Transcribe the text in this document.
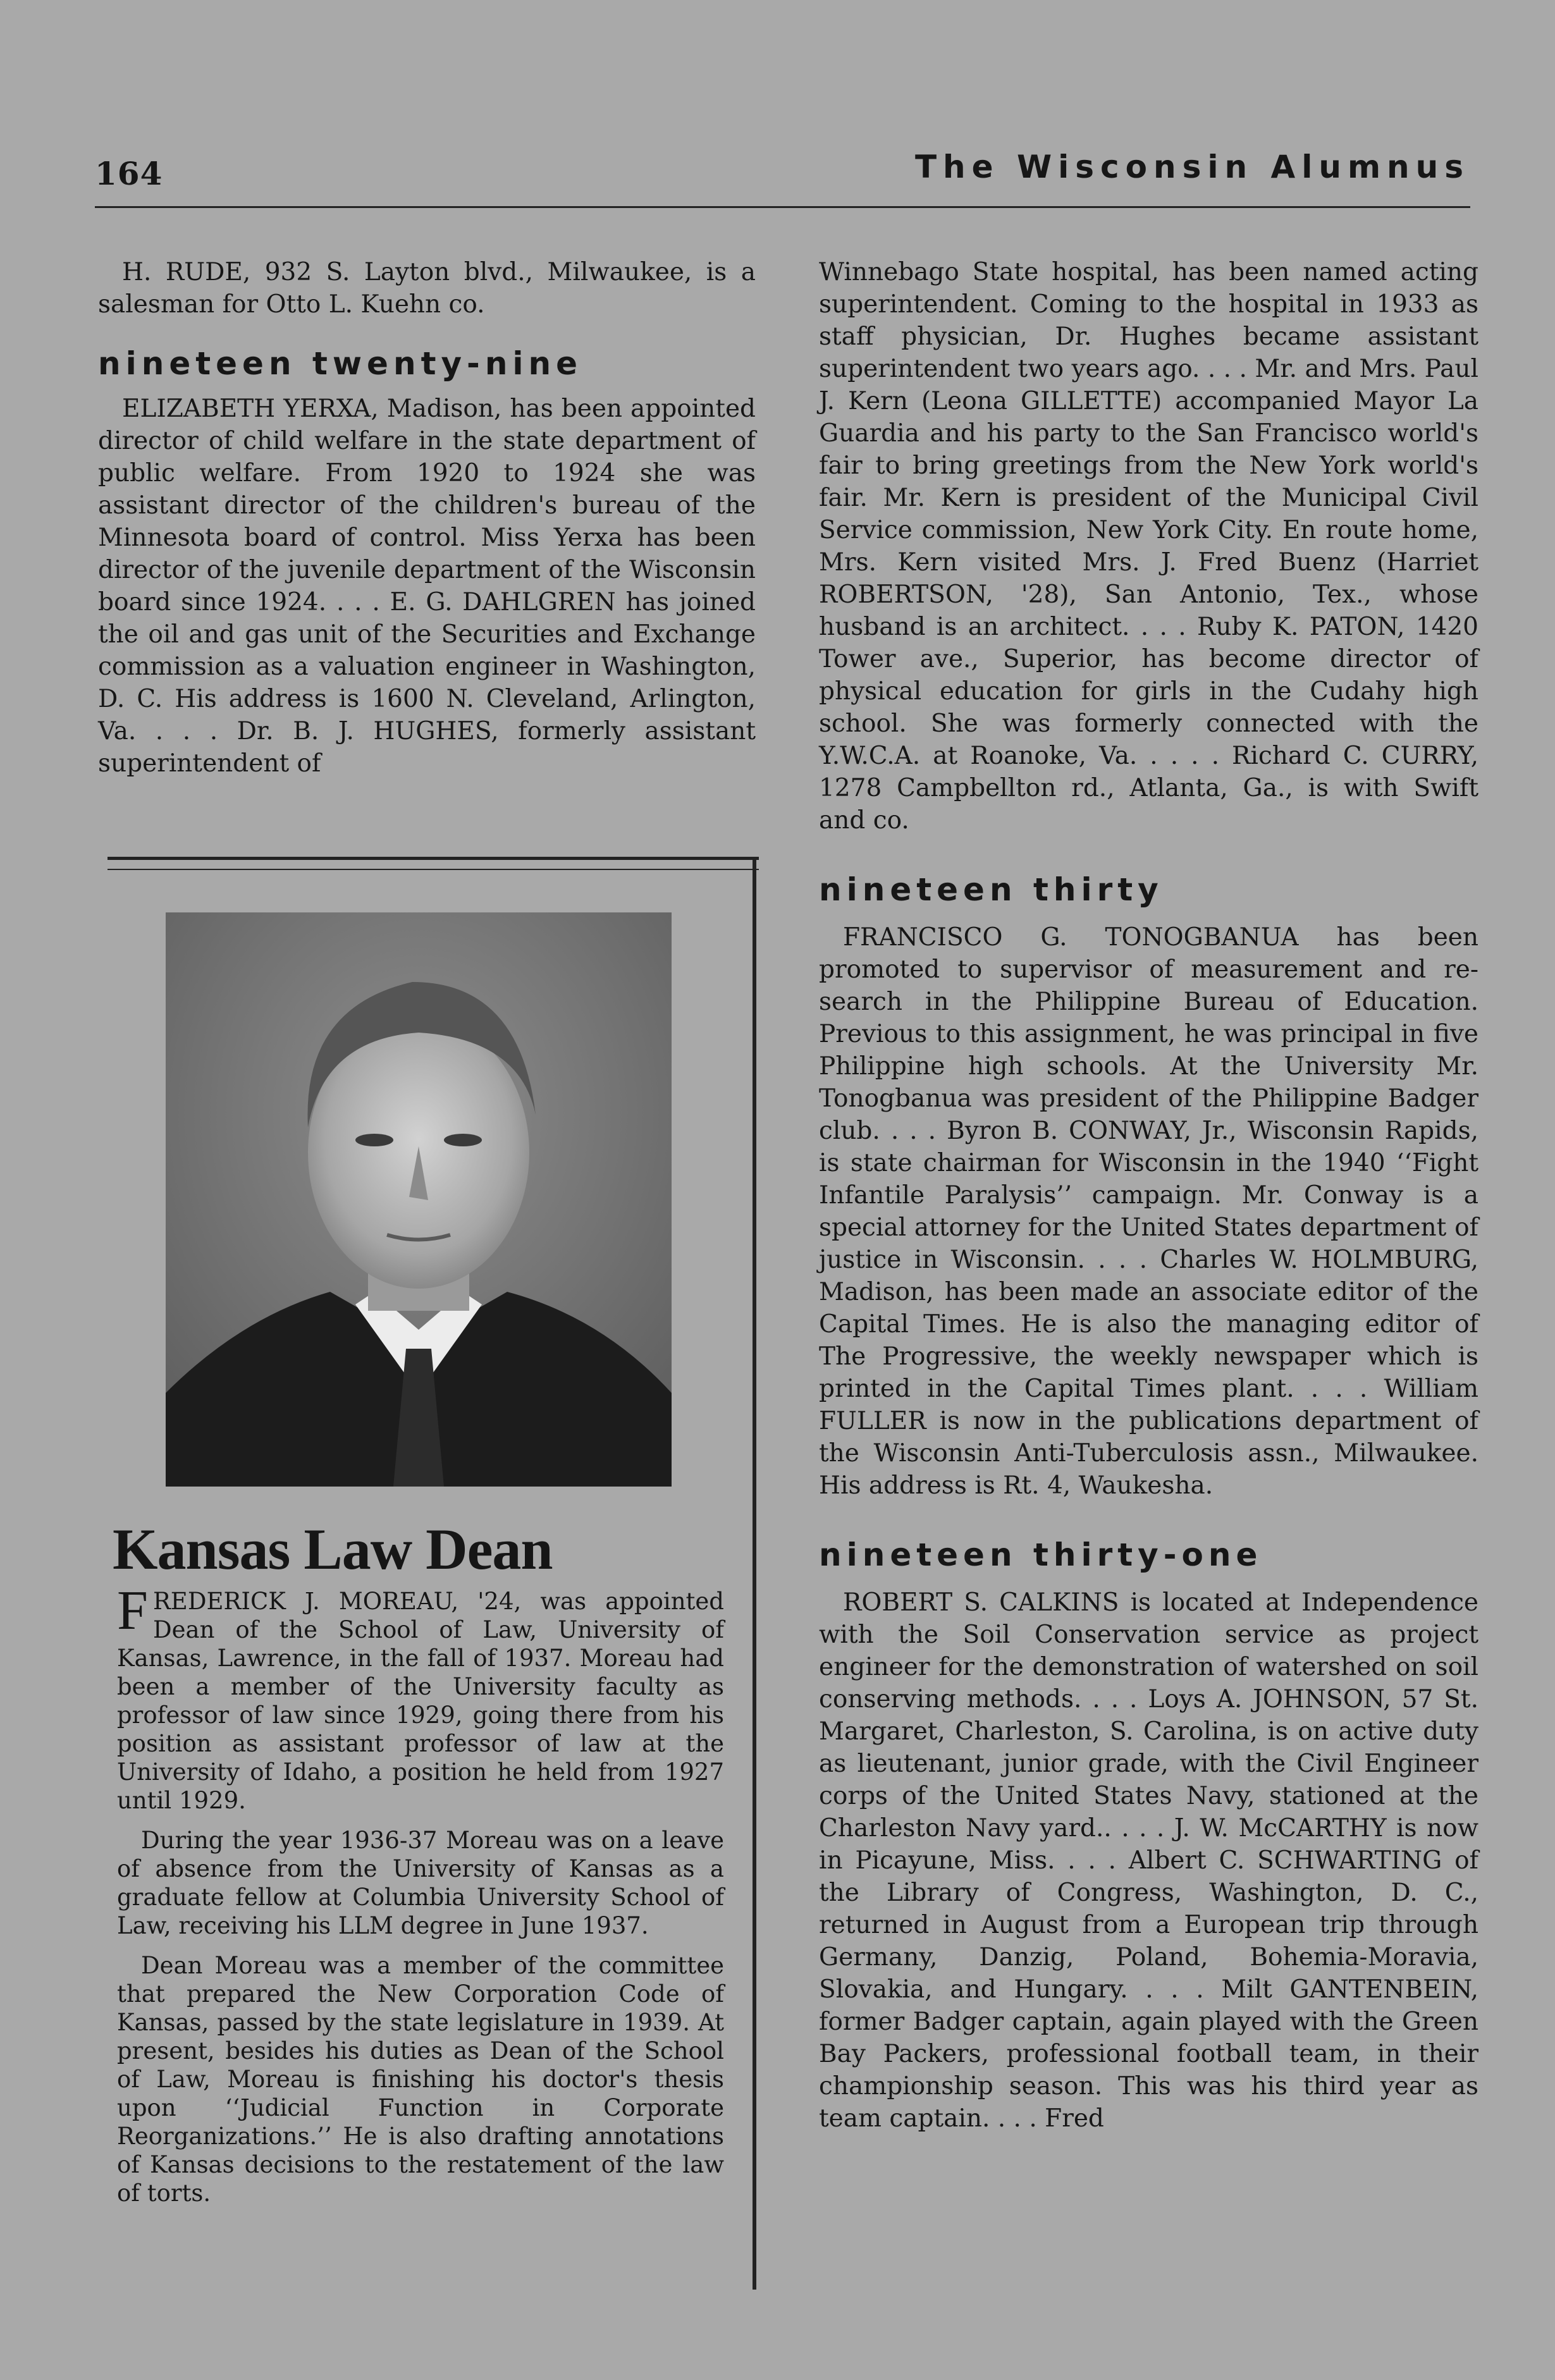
164	The Wisconsin Alumnus

H. RUDE, 932 S. Layton blvd., Milwaukee, is a salesman for Otto L. Kuehn co.

nineteen twenty-nine

ELIZABETH YERXA, Madison, has been appointed director of child welfare in the state department of public welfare. From 1920 to 1924 she was assistant director of the children's bureau of the Minnesota board of control. Miss Yerxa has been director of the juvenile department of the Wisconsin board since 1924. . . . E. G. DAHLGREN has joined the oil and gas unit of the Securities and Exchange commission as a valuation engineer in Washington, D. C. His address is 1600 N. Cleveland, Arlington, Va. . . . Dr. B. J. HUGHES, formerly assistant superintendent of

Kansas Law Dean

FREDERICK J. MOREAU, '24, was appointed Dean of the School of Law, University of Kansas, Lawrence, in the fall of 1937. Moreau had been a member of the University faculty as professor of law since 1929, going there from his position as assistant professor of law at the University of Idaho, a position he held from 1927 until 1929.

During the year 1936-37 Moreau was on a leave of absence from the University of Kansas as a graduate fellow at Columbia University School of Law, receiving his LLM degree in June 1937.

Dean Moreau was a member of the committee that prepared the New Corporation Code of Kansas, passed by the state legislature in 1939. At present, besides his duties as Dean of the School of Law, Moreau is finishing his doctor's thesis upon ‘‘Judicial Function in Corporate Reorganizations.’’ He is also drafting annotations of Kansas decisions to the restatement of the law of torts.

Winnebago State hospital, has been named acting superintendent. Coming to the hospital in 1933 as staff physician, Dr. Hughes became assistant superintendent two years ago. . . . Mr. and Mrs. Paul J. Kern (Leona GILLETTE) accompanied Mayor La Guardia and his party to the San Francisco world's fair to bring greetings from the New York world's fair. Mr. Kern is president of the Municipal Civil Service commission, New York City. En route home, Mrs. Kern visited Mrs. J. Fred Buenz (Harriet ROBERTSON, '28), San Antonio, Tex., whose husband is an architect. . . . Ruby K. PATON, 1420 Tower ave., Superior, has become director of physical education for girls in the Cudahy high school. She was formerly connected with the Y.W.C.A. at Roanoke, Va. . . . . Richard C. CURRY, 1278 Campbellton rd., Atlanta, Ga., is with Swift and co.

nineteen thirty

FRANCISCO G. TONOGBANUA has been promoted to supervisor of measurement and research in the Philippine Bureau of Education. Previous to this assignment, he was principal in five Philippine high schools. At the University Mr. Tonogbanua was president of the Philippine Badger club. . . . Byron B. CONWAY, Jr., Wisconsin Rapids, is state chairman for Wisconsin in the 1940 ‘‘Fight Infantile Paralysis’’ campaign. Mr. Conway is a special attorney for the United States department of justice in Wisconsin. . . . Charles W. HOLMBURG, Madison, has been made an associate editor of the Capital Times. He is also the managing editor of The Progressive, the weekly newspaper which is printed in the Capital Times plant. . . . William FULLER is now in the publications department of the Wisconsin Anti-Tuberculosis assn., Milwaukee. His address is Rt. 4, Waukesha.

nineteen thirty-one

ROBERT S. CALKINS is located at Independence with the Soil Conservation service as project engineer for the demonstration of watershed on soil conserving methods. . . . Loys A. JOHNSON, 57 St. Margaret, Charleston, S. Carolina, is on active duty as lieutenant, junior grade, with the Civil Engineer corps of the United States Navy, stationed at the Charleston Navy yard.. . . . J. W. McCARTHY is now in Picayune, Miss. . . . Albert C. SCHWARTING of the Library of Congress, Washington, D. C., returned in August from a European trip through Germany, Danzig, Poland, Bohemia-Moravia, Slovakia, and Hungary. . . . Milt GANTENBEIN, former Badger captain, again played with the Green Bay Packers, professional football team, in their championship season. This was his third year as team captain. . . . Fred
